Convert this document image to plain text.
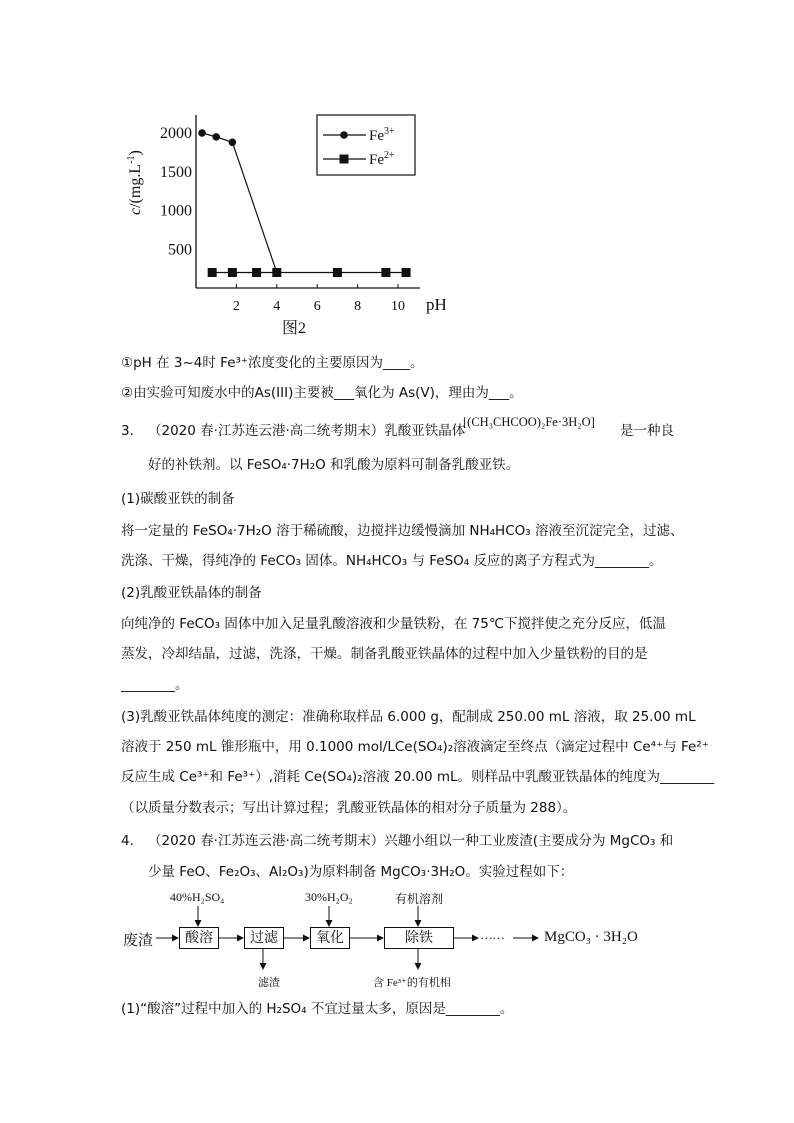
$c/(mg.L^{-1})$
pH
图2
2 4 6 8 10
500
1000
1500
2000	$Fe^{3+}$
$Fe^{2+}$
①pH 在 3~4时 Fe³⁺浓度变化的主要原因为____。
②由实验可知废水中的As(III)主要被___氧化为 As(V)，理由为___。
3. （2020 春·江苏连云港·高二统考期末）乳酸亚铁晶体
[(CH₃CHCOO)₂Fe·3H₂O]
是一种良
好的补铁剂。以 FeSO₄·7H₂O 和乳酸为原料可制备乳酸亚铁。
(1)碳酸亚铁的制备
将一定量的 FeSO₄·7H₂O 溶于稀硫酸，边搅拌边缓慢滴加 NH₄HCO₃ 溶液至沉淀完全，过滤、
洗涤、干燥，得纯净的 FeCO₃ 固体。NH₄HCO₃ 与 FeSO₄ 反应的离子方程式为________。
(2)乳酸亚铁晶体的制备
向纯净的 FeCO₃ 固体中加入足量乳酸溶液和少量铁粉，在 75℃下搅拌使之充分反应，低温
蒸发，冷却结晶，过滤，洗涤，干燥。制备乳酸亚铁晶体的过程中加入少量铁粉的目的是
________。
(3)乳酸亚铁晶体纯度的测定：准确称取样品 6.000 g，配制成 250.00 mL 溶液，取 25.00 mL
溶液于 250 mL 锥形瓶中，用 0.1000 mol/LCe(SO₄)₂溶液滴定至终点（滴定过程中 Ce⁴⁺与 Fe²⁺
反应生成 Ce³⁺和 Fe³⁺）,消耗 Ce(SO₄)₂溶液 20.00 mL。则样品中乳酸亚铁晶体的纯度为________
（以质量分数表示；写出计算过程；乳酸亚铁晶体的相对分子质量为 288）。
4. （2020 春·江苏连云港·高二统考期末）兴趣小组以一种工业废渣(主要成分为 MgCO₃ 和
少量 FeO、Fe₂O₃、Al₂O₃)为原料制备 MgCO₃·3H₂O。实验过程如下：
40%H₂SO₄	30%H₂O₂	有机溶剂
废渣	酸溶	过滤	氧化	除铁	……	MgCO₃ · 3H₂O
滤渣	含 Fe³⁺的有机相
(1)“酸溶”过程中加入的 H₂SO₄ 不宜过量太多，原因是________。
